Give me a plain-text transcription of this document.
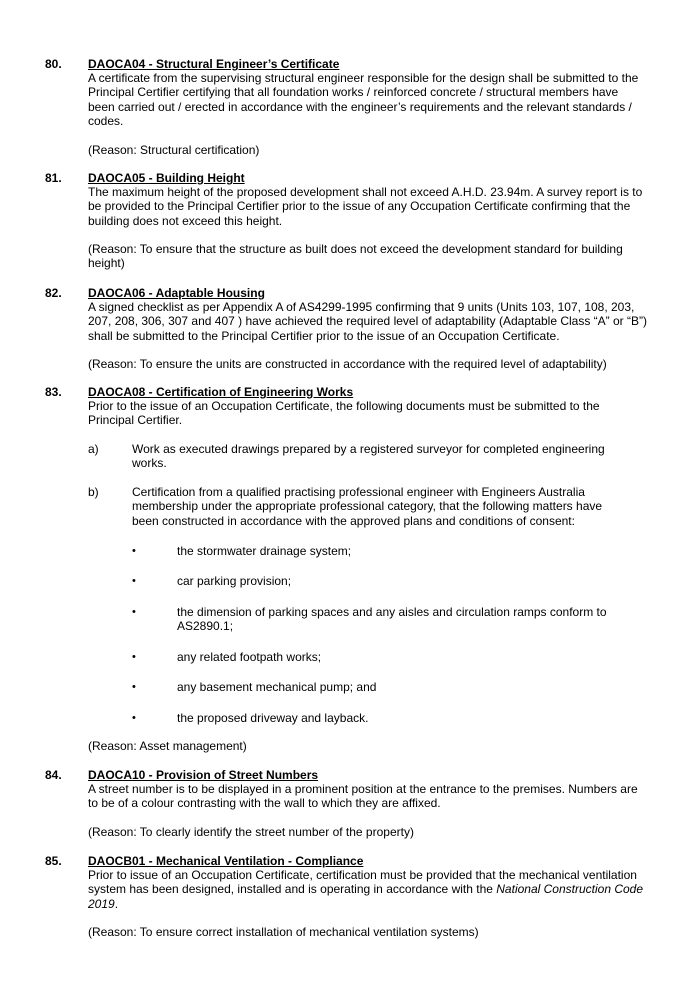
80. DAOCA04 - Structural Engineer’s Certificate
A certificate from the supervising structural engineer responsible for the design shall be submitted to the Principal Certifier certifying that all foundation works / reinforced concrete / structural members have been carried out / erected in accordance with the engineer’s requirements and the relevant standards / codes.
(Reason: Structural certification)
81. DAOCA05 - Building Height
The maximum height of the proposed development shall not exceed A.H.D. 23.94m. A survey report is to be provided to the Principal Certifier prior to the issue of any Occupation Certificate confirming that the building does not exceed this height.
(Reason: To ensure that the structure as built does not exceed the development standard for building height)
82. DAOCA06 - Adaptable Housing
A signed checklist as per Appendix A of AS4299-1995 confirming that 9 units (Units 103, 107, 108, 203, 207, 208, 306, 307 and 407 ) have achieved the required level of adaptability (Adaptable Class “A” or “B”) shall be submitted to the Principal Certifier prior to the issue of an Occupation Certificate.
(Reason: To ensure the units are constructed in accordance with the required level of adaptability)
83. DAOCA08 - Certification of Engineering Works
Prior to the issue of an Occupation Certificate, the following documents must be submitted to the Principal Certifier.
a)	Work as executed drawings prepared by a registered surveyor for completed engineering works.
b)	Certification from a qualified practising professional engineer with Engineers Australia membership under the appropriate professional category, that the following matters have been constructed in accordance with the approved plans and conditions of consent:
•	the stormwater drainage system;
•	car parking provision;
•	the dimension of parking spaces and any aisles and circulation ramps conform to AS2890.1;
•	any related footpath works;
•	any basement mechanical pump; and
•	the proposed driveway and layback.
(Reason: Asset management)
84. DAOCA10 - Provision of Street Numbers
A street number is to be displayed in a prominent position at the entrance to the premises. Numbers are to be of a colour contrasting with the wall to which they are affixed.
(Reason: To clearly identify the street number of the property)
85. DAOCB01 - Mechanical Ventilation - Compliance
Prior to issue of an Occupation Certificate, certification must be provided that the mechanical ventilation system has been designed, installed and is operating in accordance with the National Construction Code 2019.
(Reason: To ensure correct installation of mechanical ventilation systems)
